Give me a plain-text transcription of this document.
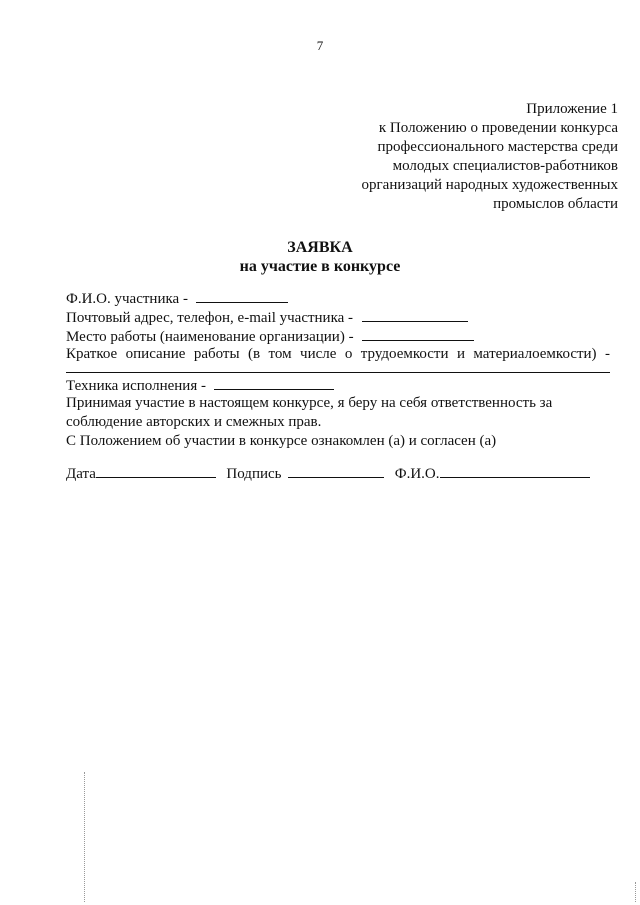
7
Приложение 1
к Положению о проведении конкурса
профессионального мастерства среди
молодых специалистов-работников
организаций народных художественных
промыслов области
ЗАЯВКА
на участие в конкурсе
Ф.И.О. участника -
Почтовый адрес, телефон, e-mail участника -
Место работы (наименование организации) -
Краткое описание работы (в том числе о трудоемкости и материалоемкости) -
Техника исполнения -

Принимая участие в настоящем конкурсе, я беру на себя ответственность за соблюдение авторских и смежных прав.

С Положением об участии в конкурсе ознакомлен (а) и согласен (а)

Дата	Подпись	Ф.И.О.
